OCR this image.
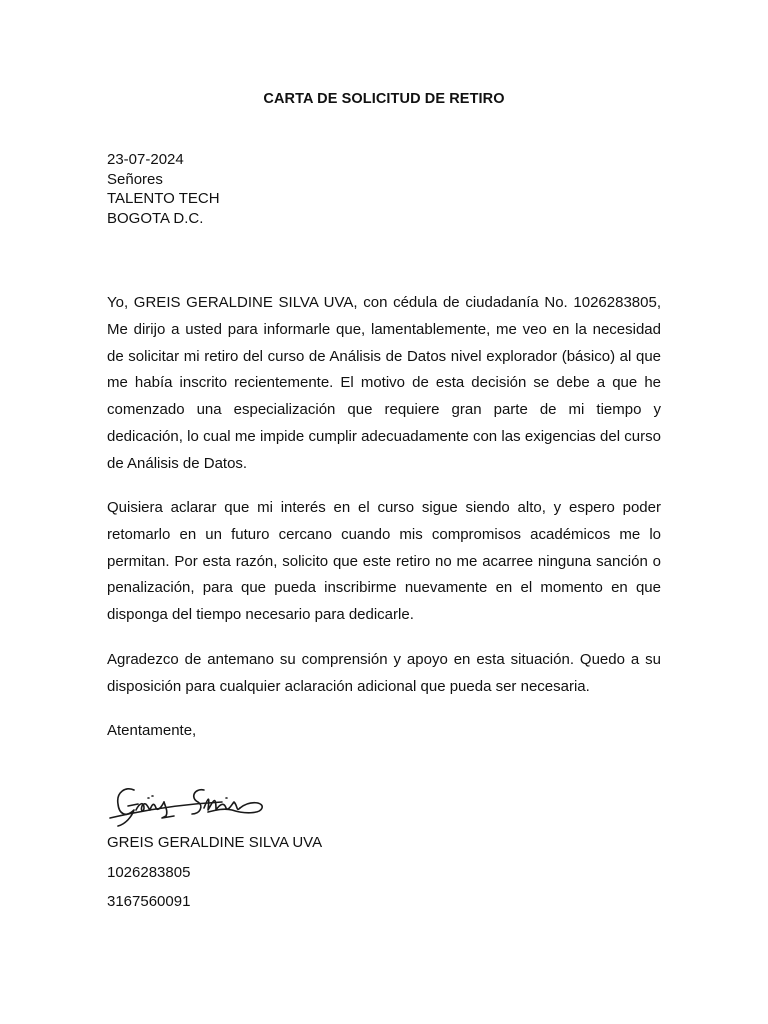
CARTA DE SOLICITUD DE RETIRO
23-07-2024
Señores
TALENTO TECH
BOGOTA D.C.

Yo, GREIS GERALDINE SILVA UVA, con cédula de ciudadanía No. 1026283805, Me dirijo a usted para informarle que, lamentablemente, me veo en la necesidad de solicitar mi retiro del curso de Análisis de Datos nivel explorador (básico) al que me había inscrito recientemente. El motivo de esta decisión se debe a que he comenzado una especialización que requiere gran parte de mi tiempo y dedicación, lo cual me impide cumplir adecuadamente con las exigencias del curso de Análisis de Datos.

Quisiera aclarar que mi interés en el curso sigue siendo alto, y espero poder retomarlo en un futuro cercano cuando mis compromisos académicos me lo permitan. Por esta razón, solicito que este retiro no me acarree ninguna sanción o penalización, para que pueda inscribirme nuevamente en el momento en que disponga del tiempo necesario para dedicarle.

Agradezco de antemano su comprensión y apoyo en esta situación. Quedo a su disposición para cualquier aclaración adicional que pueda ser necesaria.

Atentamente,
GREIS GERALDINE SILVA UVA
1026283805
3167560091
